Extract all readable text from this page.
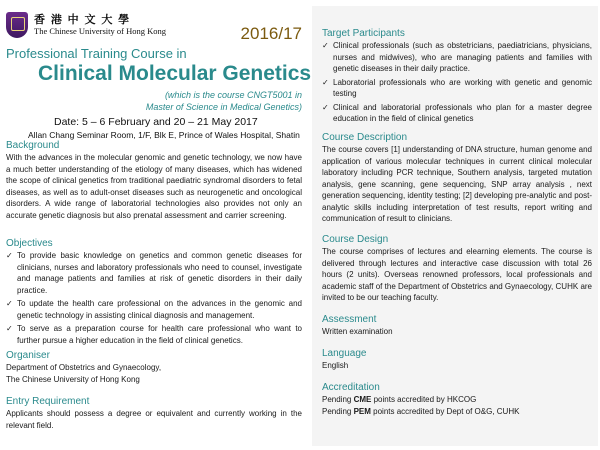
香 港 中 文 大 學
The Chinese University of Hong Kong	2016/17
Professional Training Course in
Clinical Molecular Genetics
(which is the course CNGT5001 in
Master of Science in Medical Genetics)
Date: 5 – 6 February and 20 – 21 May 2017
Allan Chang Seminar Room, 1/F, Blk E, Prince of Wales Hospital, Shatin
Background

With the advances in the molecular genomic and genetic technology, we now have a much better understanding of the etiology of many diseases, which has widened the scope of clinical genetics from traditional paediatric syndromal disorders to fetal diseases, as well as to adult-onset diseases such as neurogenetic and oncological disorders. A wide range of laboratorial technologies also provides not only an accurate genetic diagnosis but also prenatal assessment and carrier screening.

Objectives
✓ To provide basic knowledge on genetics and common genetic diseases for clinicians, nurses and laboratory professionals who need to counsel, investigate and manage patients and families at risk of genetic disorders in their daily practice.
✓ To update the health care professional on the advances in the genomic and genetic technology in assisting clinical diagnosis and management.
✓ To serve as a preparation course for health care professional who want to further pursue a higher education in the field of clinical genetics.
Organiser

Department of Obstetrics and Gynaecology,

The Chinese University of Hong Kong

Entry Requirement

Applicants should possess a degree or equivalent and currently working in the relevant field.

Target Participants
✓ Clinical professionals (such as obstetricians, paediatricians, physicians, nurses and midwives), who are managing patients and families with genetic diseases in their daily practice.
✓ Laboratorial professionals who are working with genetic and genomic testing
✓ Clinical and laboratorial professionals who plan for a master degree education in the field of clinical genetics
Course Description

The course covers [1] understanding of DNA structure, human genome and application of various molecular techniques in current clinical molecular laboratory including PCR technique, Southern analysis, targeted mutation analysis, gene scanning, gene sequencing, SNP array analysis , next generation sequencing, identity testing; [2] developing pre-analytic and post-analytic skills including interpretation of test results, report writing and communication of result to clinicians.

Course Design

The course comprises of lectures and elearning elements. The course is delivered through lectures and interactive case discussion with total 26 hours (2 units). Overseas renowned professors, local professionals and academic staff of the Department of Obstetrics and Gynaecology, CUHK are invited to be our teaching faculty.

Assessment

Written examination

Language

English

Accreditation

Pending CME points accredited by HKCOG

Pending PEM points accredited by Dept of O&G, CUHK
